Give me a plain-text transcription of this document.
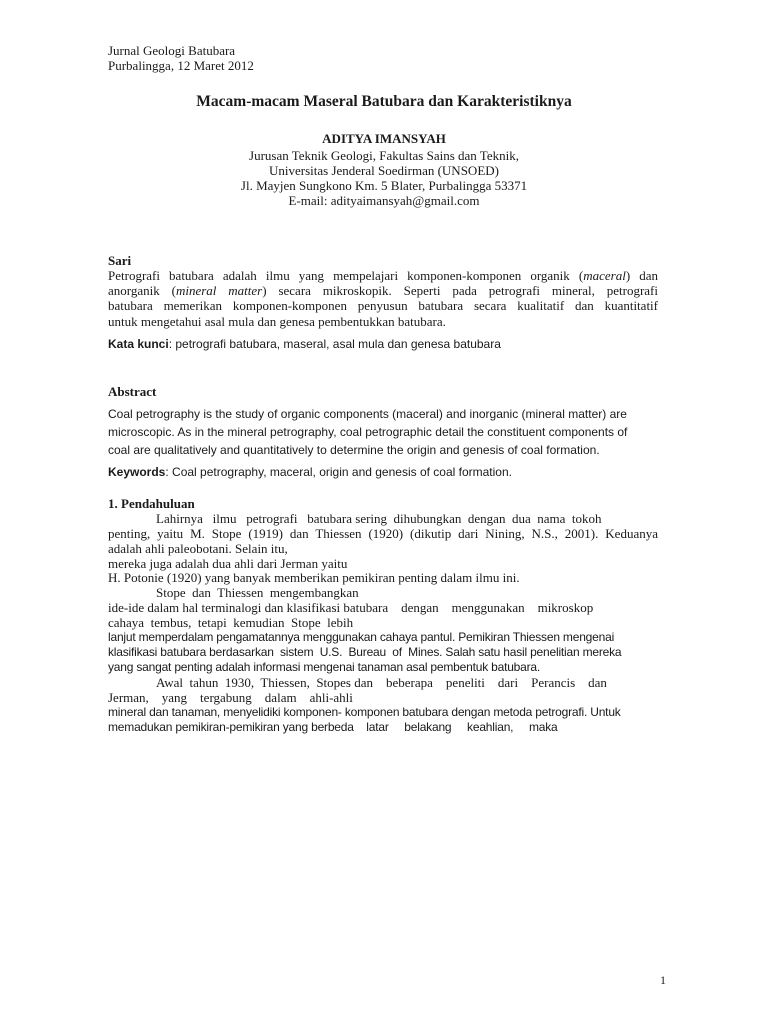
Jurnal Geologi Batubara
Purbalingga, 12 Maret 2012
Macam-macam Maseral Batubara dan Karakteristiknya
ADITYA IMANSYAH
Jurusan Teknik Geologi, Fakultas Sains dan Teknik,
Universitas Jenderal Soedirman (UNSOED)
Jl. Mayjen Sungkono Km. 5 Blater, Purbalingga 53371
E-mail: adityaimansyah@gmail.com
Sari
Petrografi batubara adalah ilmu yang mempelajari komponen-komponen organik (maceral) dan
anorganik (mineral matter) secara mikroskopik. Seperti pada petrografi mineral, petrografi
batubara memerikan komponen-komponen penyusun batubara secara kualitatif dan kuantitatif
untuk mengetahui asal mula dan genesa pembentukkan batubara.
Kata kunci: petrografi batubara, maseral, asal mula dan genesa batubara
Abstract
Coal petrography is the study of organic components (maceral) and inorganic (mineral matter) are
microscopic. As in the mineral petrography, coal petrographic detail the constituent components of
coal are qualitatively and quantitatively to determine the origin and genesis of coal formation.
Keywords: Coal petrography, maceral, origin and genesis of coal formation.
1. Pendahuluan
Lahirnya   ilmu   petrografi   batubara sering  dihubungkan  dengan  dua  nama  tokoh
penting, yaitu M. Stope (1919) dan Thiessen (1920) (dikutip dari Nining, N.S., 2001). Keduanya
adalah ahli paleobotani. Selain itu,
mereka juga adalah dua ahli dari Jerman yaitu
H. Potonie (1920) yang banyak memberikan pemikiran penting dalam ilmu ini.
Stope  dan  Thiessen  mengembangkan
ide-ide dalam hal terminalogi dan klasifikasi batubara    dengan    menggunakan    mikroskop
cahaya  tembus,  tetapi  kemudian  Stope  lebih
lanjut memperdalam pengamatannya menggunakan cahaya pantul. Pemikiran Thiessen mengenai
klasifikasi batubara berdasarkan  sistem  U.S.  Bureau  of  Mines. Salah satu hasil penelitian mereka
yang sangat penting adalah informasi mengenai tanaman asal pembentuk batubara.
Awal  tahun  1930,  Thiessen,  Stopes dan    beberapa    peneliti    dari    Perancis    dan
Jerman,    yang    tergabung    dalam    ahli-ahli
mineral dan tanaman, menyelidiki komponen- komponen batubara dengan metoda petrografi. Untuk
memadukan pemikiran-pemikiran yang berbeda    latar     belakang     keahlian,     maka
1
